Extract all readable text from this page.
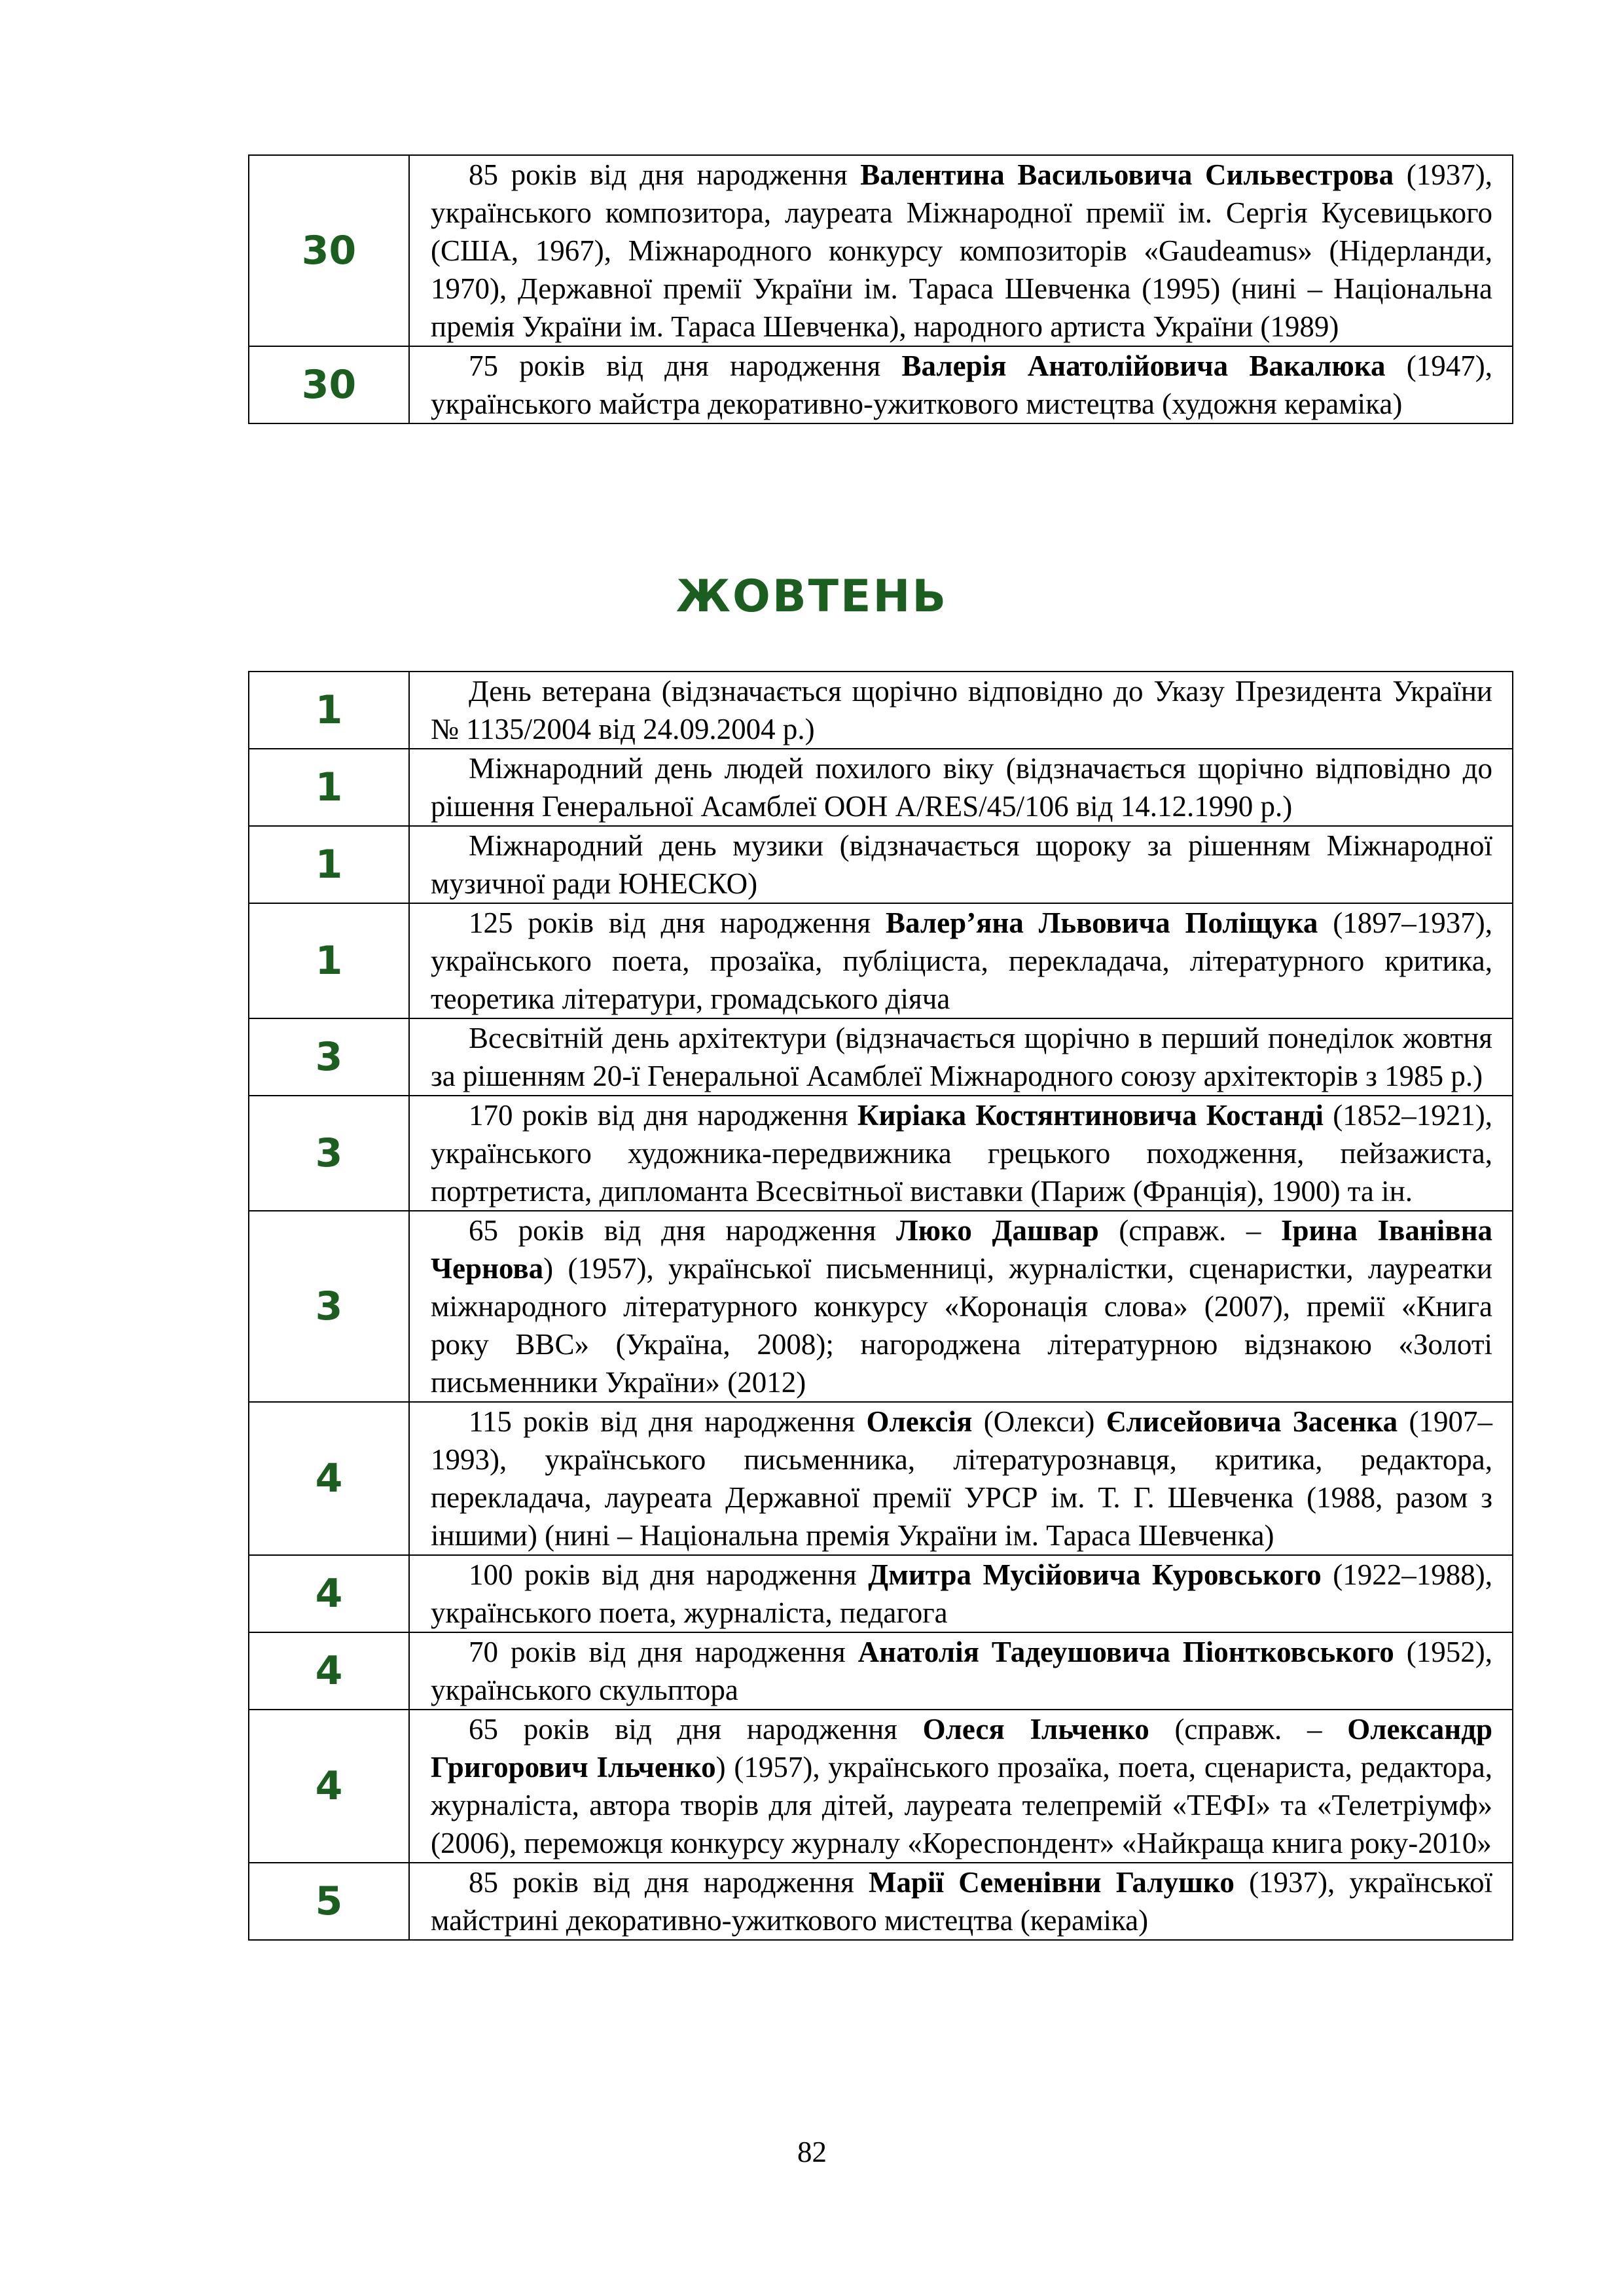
30	85 років від дня народження Валентина Васильовича Сильвестрова (1937), українського композитора, лауреата Міжнародної премії ім. Сергія Кусевицького (США, 1967), Міжнародного конкурсу композиторів «Gaudeamus» (Нідерланди, 1970), Державної премії України ім. Тараса Шевченка (1995) (нині – Національна премія України ім. Тараса Шевченка), народного артиста України (1989)
30	75 років від дня народження Валерія Анатолійовича Вакалюка (1947), українського майстра декоративно-ужиткового мистецтва (художня кераміка)
ЖОВТЕНЬ
1	День ветерана (відзначається щорічно відповідно до Указу Президента України № 1135/2004 від 24.09.2004 р.)
1	Міжнародний день людей похилого віку (відзначається щорічно відповідно до рішення Генеральної Асамблеї ООН A/RES/45/106 від 14.12.1990 р.)
1	Міжнародний день музики (відзначається щороку за рішенням Міжнародної музичної ради ЮНЕСКО)
1	125 років від дня народження Валер’яна Львовича Поліщука (1897–1937), українського поета, прозаїка, публіциста, перекладача, літературного критика, теоретика літератури, громадського діяча
3	Всесвітній день архітектури (відзначається щорічно в перший понеділок жовтня за рішенням 20-ї Генеральної Асамблеї Міжнародного союзу архітекторів з 1985 р.)
3	170 років від дня народження Киріака Костянтиновича Костанді (1852–1921), українського художника-передвижника грецького походження, пейзажиста, портретиста, дипломанта Всесвітньої виставки (Париж (Франція), 1900) та ін.
3	65 років від дня народження Люко Дашвар (справж. – Ірина Іванівна Чернова) (1957), української письменниці, журналістки, сценаристки, лауреатки міжнародного літературного конкурсу «Коронація слова» (2007), премії «Книга року ВВС» (Україна, 2008); нагороджена літературною відзнакою «Золоті письменники України» (2012)
4	115 років від дня народження Олексія (Олекси) Єлисейовича Засенка (1907–1993), українського письменника, літературознавця, критика, редактора, перекладача, лауреата Державної премії УРСР ім. Т. Г. Шевченка (1988, разом з іншими) (нині – Національна премія України ім. Тараса Шевченка)
4	100 років від дня народження Дмитра Мусійовича Куровського (1922–1988), українського поета, журналіста, педагога
4	70 років від дня народження Анатолія Тадеушовича Піонтковського (1952), українського скульптора
4	65 років від дня народження Олеся Ільченко (справж. – Олександр Григорович Ільченко) (1957), українського прозаїка, поета, сценариста, редактора, журналіста, автора творів для дітей, лауреата телепремій «ТЕФІ» та «Телетріумф» (2006), переможця конкурсу журналу «Кореспондент» «Найкраща книга року-2010»
5	85 років від дня народження Марії Семенівни Галушко (1937), української майстрині декоративно-ужиткового мистецтва (кераміка)
82
